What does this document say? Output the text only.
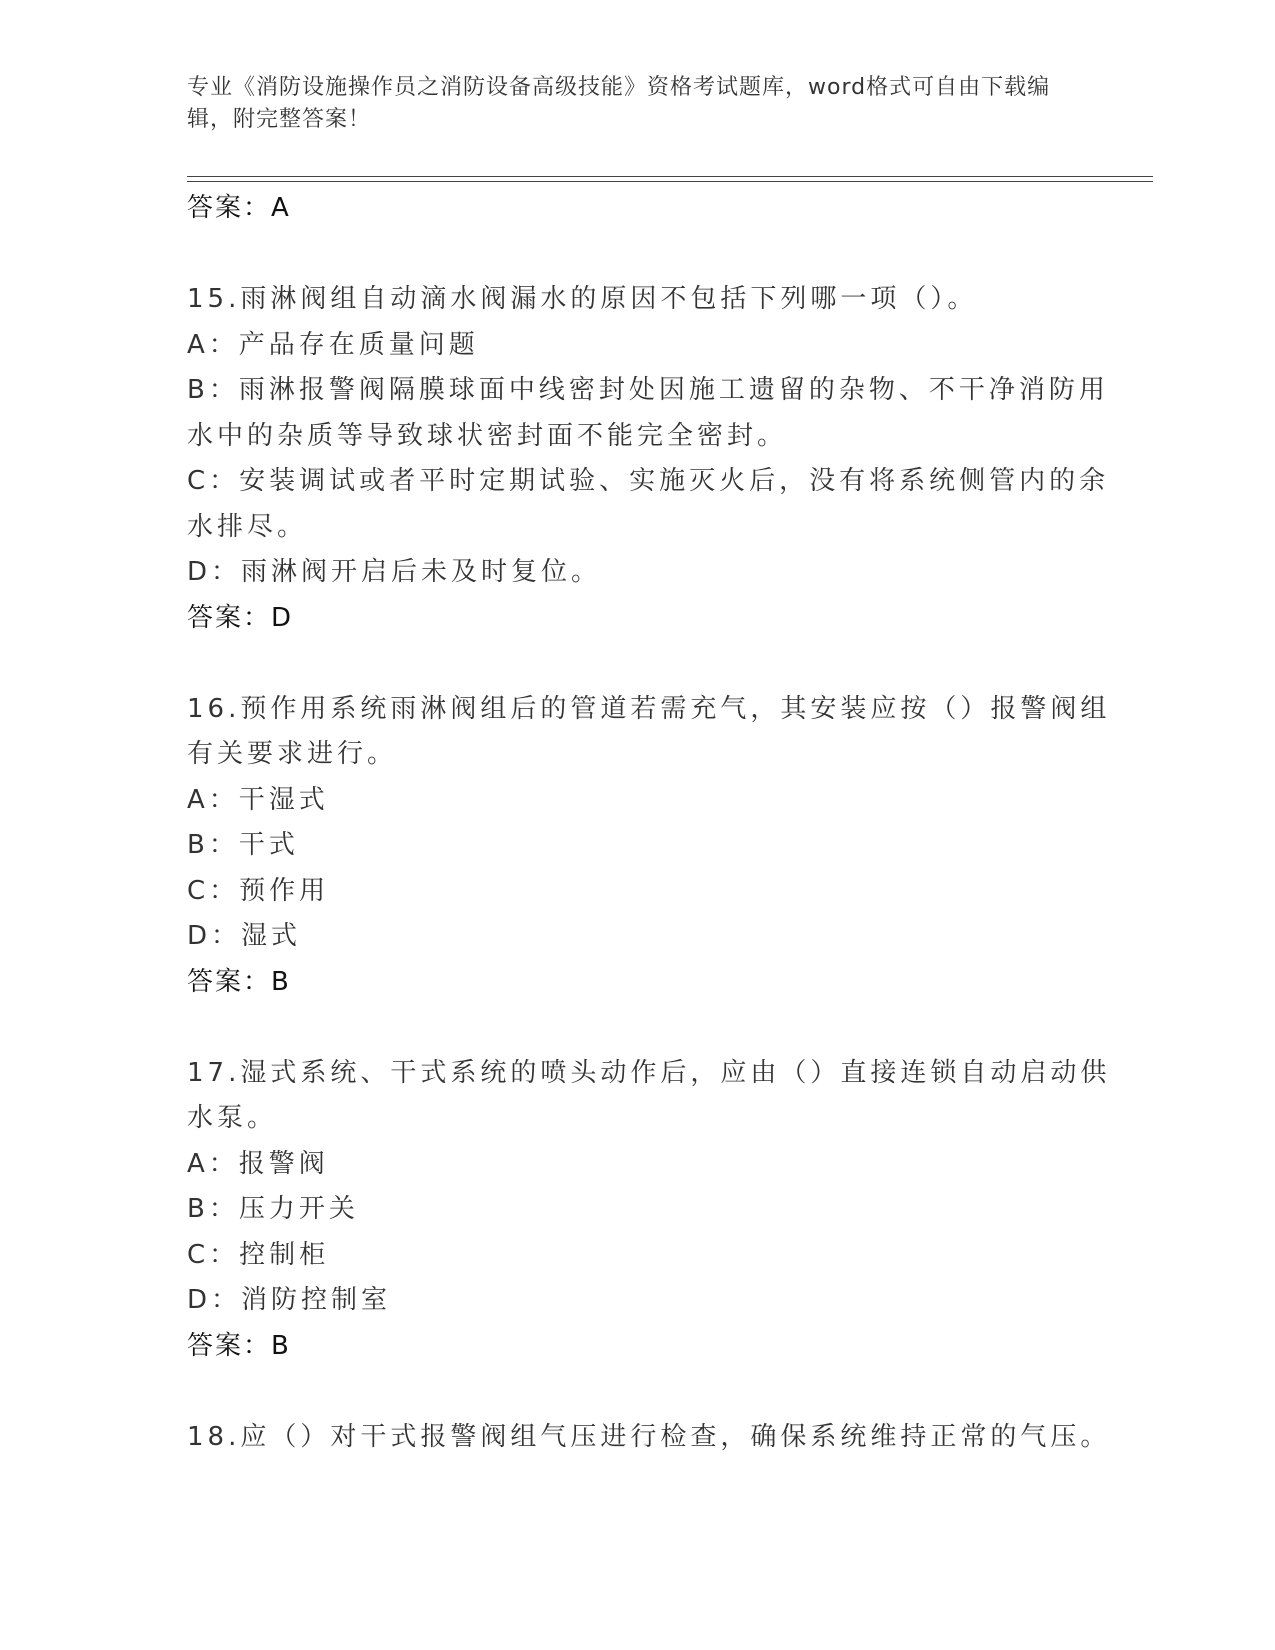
专业《消防设施操作员之消防设备高级技能》资格考试题库，word格式可自由下载编辑，附完整答案！
答案：A
15.雨淋阀组自动滴水阀漏水的原因不包括下列哪一项（）。
A：产品存在质量问题
B：雨淋报警阀隔膜球面中线密封处因施工遗留的杂物、不干净消防用
水中的杂质等导致球状密封面不能完全密封。
C：安装调试或者平时定期试验、实施灭火后，没有将系统侧管内的余
水排尽。
D：雨淋阀开启后未及时复位。
答案：D
16.预作用系统雨淋阀组后的管道若需充气，其安装应按（）报警阀组
有关要求进行。
A：干湿式
B：干式
C：预作用
D：湿式
答案：B
17.湿式系统、干式系统的喷头动作后，应由（）直接连锁自动启动供
水泵。
A：报警阀
B：压力开关
C：控制柜
D：消防控制室
答案：B
18.应（）对干式报警阀组气压进行检查，确保系统维持正常的气压。
